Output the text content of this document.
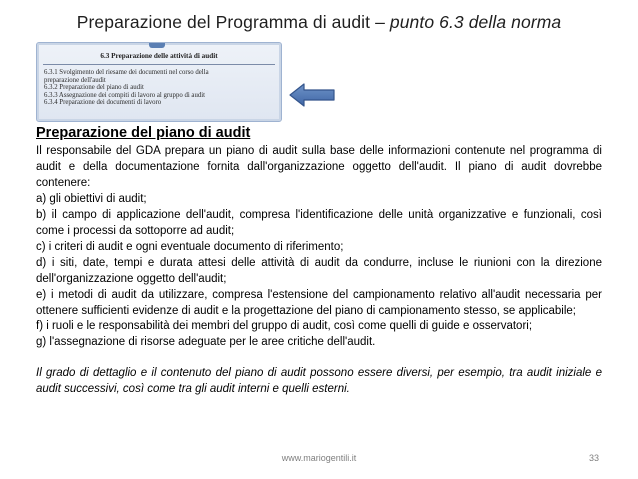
Preparazione del Programma di audit – punto 6.3 della norma
6.3 Preparazione delle attività di audit
6.3.1 Svolgimento del riesame dei documenti nel corso della
preparazione dell'audit
6.3.2 Preparazione del piano di audit
6.3.3 Assegnazione dei compiti di lavoro al gruppo di audit
6.3.4 Preparazione dei documenti di lavoro
Preparazione del piano di audit

Il responsabile del GDA prepara un piano di audit sulla base delle informazioni contenute nel programma di audit e della documentazione fornita dall'organizzazione oggetto dell'audit. Il piano di audit dovrebbe contenere:

a) gli obiettivi di audit;

b) il campo di applicazione dell'audit, compresa l'identificazione delle unità organizzative e funzionali, così come i processi da sottoporre ad audit;

c) i criteri di audit e ogni eventuale documento di riferimento;

d) i siti, date, tempi e durata attesi delle attività di audit da condurre, incluse le riunioni con la direzione dell'organizzazione oggetto dell'audit;

e) i metodi di audit da utilizzare, compresa l'estensione del campionamento relativo all'audit necessaria per ottenere sufficienti evidenze di audit e la progettazione del piano di campionamento stesso, se applicabile;

f) i ruoli e le responsabilità dei membri del gruppo di audit, così come quelli di guide e osservatori;

g) l'assegnazione di risorse adeguate per le aree critiche dell'audit.

Il grado di dettaglio e il contenuto del piano di audit possono essere diversi, per esempio, tra audit iniziale e audit successivi, così come tra gli audit interni e quelli esterni.

www.mariogentili.it	33
